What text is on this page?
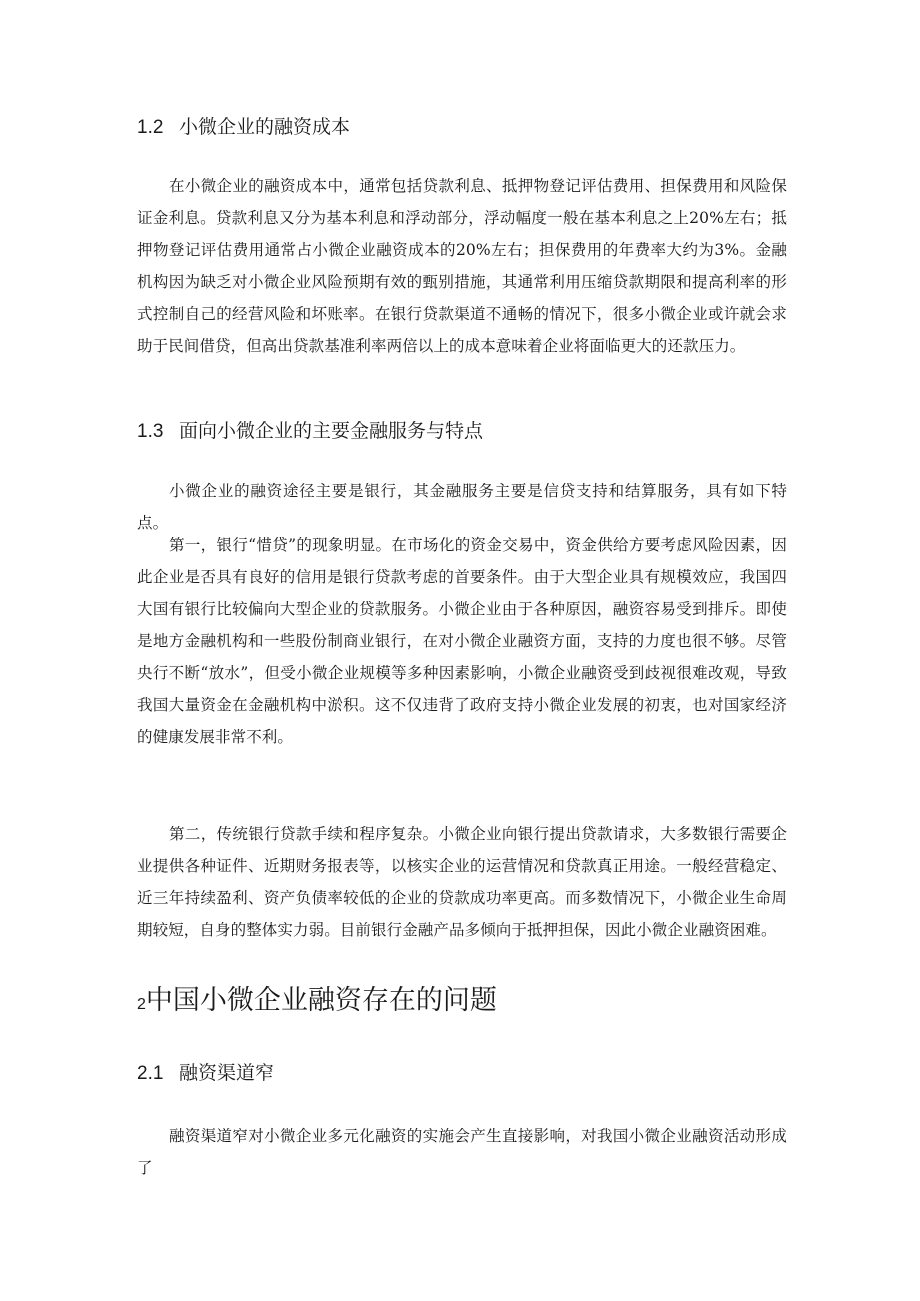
1.2 小微企业的融资成本

在小微企业的融资成本中，通常包括贷款利息、抵押物登记评估费用、担保费用和风险保证金利息。贷款利息又分为基本利息和浮动部分，浮动幅度一般在基本利息之上20%左右；抵押物登记评估费用通常占小微企业融资成本的20%左右；担保费用的年费率大约为3%。金融机构因为缺乏对小微企业风险预期有效的甄别措施，其通常利用压缩贷款期限和提高利率的形式控制自己的经营风险和坏账率。在银行贷款渠道不通畅的情况下，很多小微企业或许就会求助于民间借贷，但高出贷款基准利率两倍以上的成本意味着企业将面临更大的还款压力。

1.3 面向小微企业的主要金融服务与特点

小微企业的融资途径主要是银行，其金融服务主要是信贷支持和结算服务，具有如下特点。

第一，银行“惜贷”的现象明显。在市场化的资金交易中，资金供给方要考虑风险因素，因此企业是否具有良好的信用是银行贷款考虑的首要条件。由于大型企业具有规模效应，我国四大国有银行比较偏向大型企业的贷款服务。小微企业由于各种原因，融资容易受到排斥。即使是地方金融机构和一些股份制商业银行，在对小微企业融资方面，支持的力度也很不够。尽管央行不断“放水”，但受小微企业规模等多种因素影响，小微企业融资受到歧视很难改观，导致我国大量资金在金融机构中淤积。这不仅违背了政府支持小微企业发展的初衷，也对国家经济的健康发展非常不利。

第二，传统银行贷款手续和程序复杂。小微企业向银行提出贷款请求，大多数银行需要企业提供各种证件、近期财务报表等，以核实企业的运营情况和贷款真正用途。一般经营稳定、近三年持续盈利、资产负债率较低的企业的贷款成功率更高。而多数情况下，小微企业生命周期较短，自身的整体实力弱。目前银行金融产品多倾向于抵押担保，因此小微企业融资困难。

2中国小微企业融资存在的问题
2.1 融资渠道窄

融资渠道窄对小微企业多元化融资的实施会产生直接影响，对我国小微企业融资活动形成了
